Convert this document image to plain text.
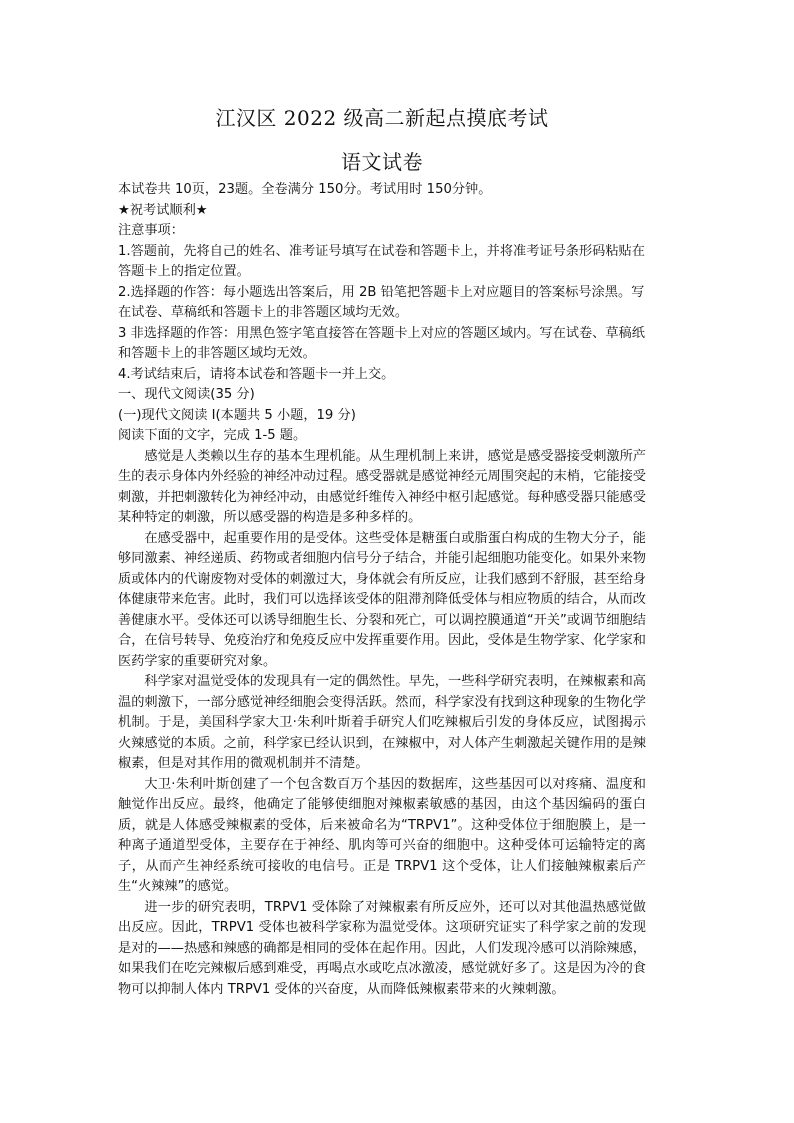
江汉区 2022 级高二新起点摸底考试
语文试卷

本试卷共 10页，23题。全卷满分 150分。考试用时 150分钟。

★祝考试顺利★

注意事项：

1.答题前，先将自己的姓名、准考证号填写在试卷和答题卡上，并将准考证号条形码粘贴在答题卡上的指定位置。

2.选择题的作答：每小题选出答案后，用 2B 铅笔把答题卡上对应题目的答案标号涂黑。写在试卷、草稿纸和答题卡上的非答题区域均无效。

3 非选择题的作答：用黑色签字笔直接答在答题卡上对应的答题区域内。写在试卷、草稿纸和答题卡上的非答题区域均无效。

4.考试结束后，请将本试卷和答题卡一并上交。

一、现代文阅读(35 分)

(一)现代文阅读 I(本题共 5 小题，19 分)

阅读下面的文字，完成 1-5 题。

感觉是人类赖以生存的基本生理机能。从生理机制上来讲，感觉是感受器接受刺激所产生的表示身体内外经验的神经冲动过程。感受器就是感觉神经元周围突起的末梢，它能接受刺激，并把刺激转化为神经冲动，由感觉纤维传入神经中枢引起感觉。每种感受器只能感受某种特定的刺激，所以感受器的构造是多种多样的。

在感受器中，起重要作用的是受体。这些受体是糖蛋白或脂蛋白构成的生物大分子，能够同激素、神经递质、药物或者细胞内信号分子结合，并能引起细胞功能变化。如果外来物质或体内的代谢废物对受体的刺激过大，身体就会有所反应，让我们感到不舒服，甚至给身体健康带来危害。此时，我们可以选择该受体的阻滞剂降低受体与相应物质的结合，从而改善健康水平。受体还可以诱导细胞生长、分裂和死亡，可以调控膜通道“开关”或调节细胞结合，在信号转导、免疫治疗和免疫反应中发挥重要作用。因此，受体是生物学家、化学家和医药学家的重要研究对象。

科学家对温觉受体的发现具有一定的偶然性。早先，一些科学研究表明，在辣椒素和高温的刺激下，一部分感觉神经细胞会变得活跃。然而，科学家没有找到这种现象的生物化学机制。于是，美国科学家大卫·朱利叶斯着手研究人们吃辣椒后引发的身体反应，试图揭示火辣感觉的本质。之前，科学家已经认识到，在辣椒中，对人体产生刺激起关键作用的是辣椒素，但是对其作用的微观机制并不清楚。

大卫·朱利叶斯创建了一个包含数百万个基因的数据库，这些基因可以对疼痛、温度和触觉作出反应。最终，他确定了能够使细胞对辣椒素敏感的基因，由这个基因编码的蛋白质，就是人体感受辣椒素的受体，后来被命名为“TRPV1”。这种受体位于细胞膜上，是一种离子通道型受体，主要存在于神经、肌肉等可兴奋的细胞中。这种受体可运输特定的离子，从而产生神经系统可接收的电信号。正是 TRPV1 这个受体，让人们接触辣椒素后产生“火辣辣”的感觉。

进一步的研究表明，TRPV1 受体除了对辣椒素有所反应外，还可以对其他温热感觉做出反应。因此，TRPV1 受体也被科学家称为温觉受体。这项研究证实了科学家之前的发现是对的——热感和辣感的确都是相同的受体在起作用。因此，人们发现冷感可以消除辣感，如果我们在吃完辣椒后感到难受，再喝点水或吃点冰激凌，感觉就好多了。这是因为冷的食物可以抑制人体内 TRPV1 受体的兴奋度，从而降低辣椒素带来的火辣刺激。
